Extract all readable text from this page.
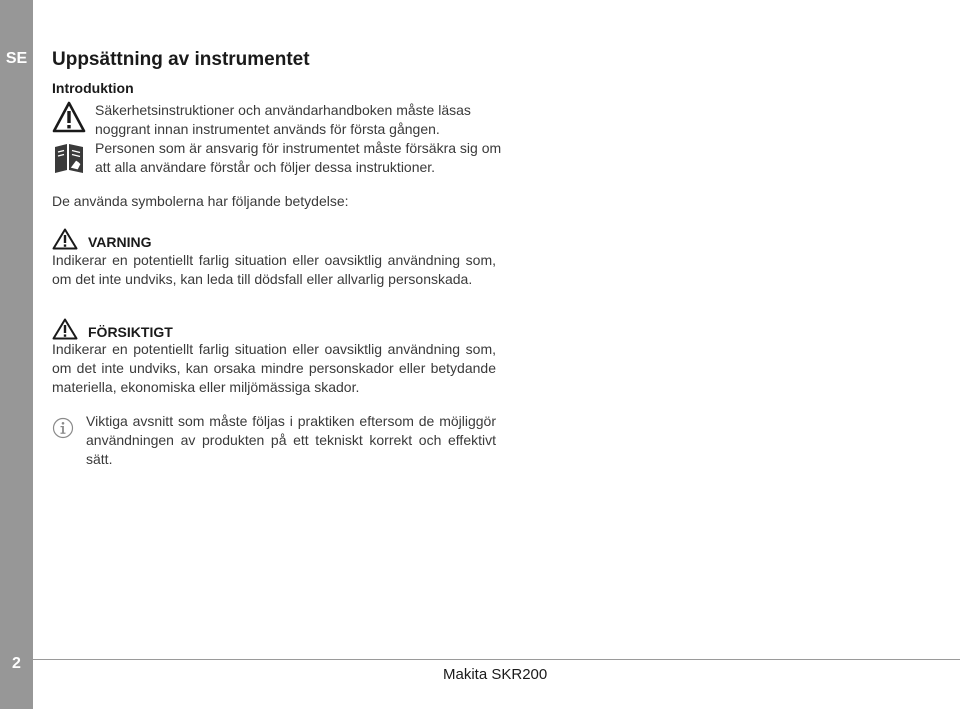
SE
2
Uppsättning av instrumentet
Introduktion

Säkerhetsinstruktioner och användarhandboken måste läsas noggrant innan instrumentet används för första gången.

Personen som är ansvarig för instrumentet måste försäkra sig om att alla användare förstår och följer dessa instruktioner.

De använda symbolerna har följande betydelse:
VARNING

Indikerar en potentiellt farlig situation eller oavsiktlig användning som, om det inte undviks, kan leda till dödsfall eller allvarlig personskada.

FÖRSIKTIGT

Indikerar en potentiellt farlig situation eller oavsiktlig användning som, om det inte undviks, kan orsaka mindre personskador eller betydande materiella, ekonomiska eller miljömässiga skador.

Viktiga avsnitt som måste följas i praktiken eftersom de möjliggör användningen av produkten på ett tekniskt korrekt och effektivt sätt.

Makita SKR200
